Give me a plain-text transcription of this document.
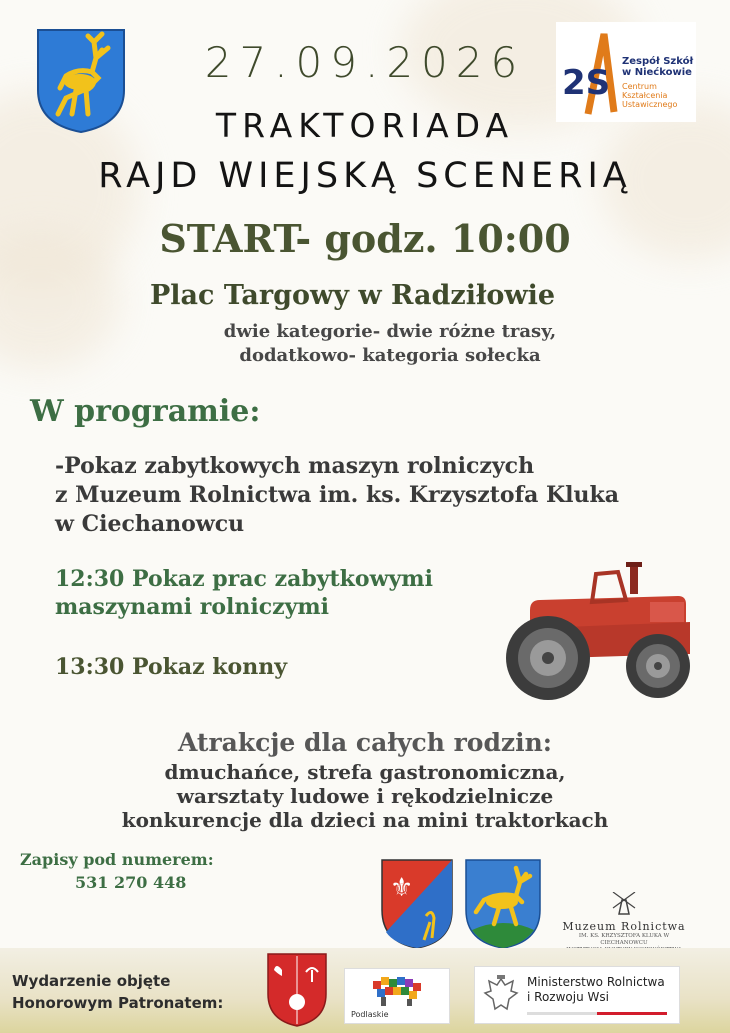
2S
Zespół Szkół
w Niećkowie
Centrum Kształcenia
Ustawicznego
27.09.2026
TRAKTORIADA
RAJD WIEJSKĄ SCENERIĄ
START- godz. 10:00
Plac Targowy w Radziłowie
dwie kategorie- dwie różne trasy,
dodatkowo- kategoria sołecka
W programie:
-Pokaz zabytkowych maszyn rolniczych
z Muzeum Rolnictwa im. ks. Krzysztofa Kluka
w Ciechanowcu
12:30 Pokaz prac zabytkowymi
maszynami rolniczymi
13:30 Pokaz konny
Atrakcje dla całych rodzin:
dmuchańce, strefa gastronomiczna,
warsztaty ludowe i rękodzielnicze
konkurencje dla dzieci na mini traktorkach
Zapisy pod numerem:
531 270 448	⚜
Muzeum Rolnictwa
IM. KS. KRZYSZTOFA KLUKA W CIECHANOWCU
Wydarzenie objęte
Honorowym Patronatem:
Podlaskie
Ministerstwo Rolnictwa
i Rozwoju Wsi
